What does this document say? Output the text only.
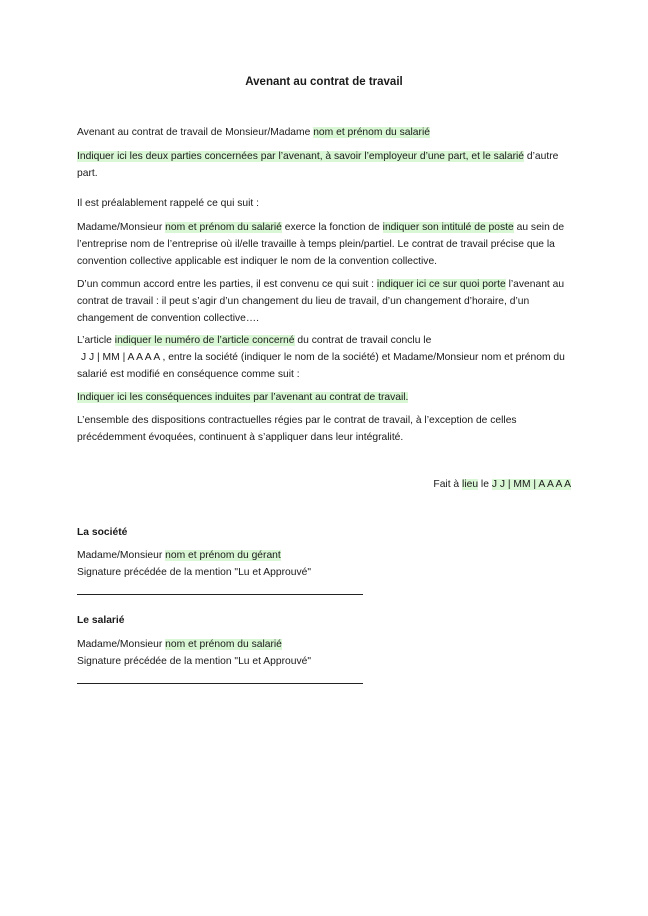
Avenant au contrat de travail
Avenant au contrat de travail de Monsieur/Madame nom et prénom du salarié
Indiquer ici les deux parties concernées par l’avenant, à savoir l’employeur d’une part, et le salarié d’autre part.
Il est préalablement rappelé ce qui suit :
Madame/Monsieur nom et prénom du salarié exerce la fonction de indiquer son intitulé de poste au sein de l’entreprise nom de l’entreprise où il/elle travaille à temps plein/partiel. Le contrat de travail précise que la convention collective applicable est indiquer le nom de la convention collective.
D’un commun accord entre les parties, il est convenu ce qui suit : indiquer ici ce sur quoi porte l’avenant au contrat de travail : il peut s’agir d’un changement du lieu de travail, d’un changement d’horaire, d’un changement de convention collective….
L’article indiquer le numéro de l’article concerné du contrat de travail conclu le
J J | MM | A A A A , entre la société (indiquer le nom de la société) et Madame/Monsieur nom et prénom du salarié est modifié en conséquence comme suit :
Indiquer ici les conséquences induites par l’avenant au contrat de travail.
L’ensemble des dispositions contractuelles régies par le contrat de travail, à l’exception de celles précédemment évoquées, continuent à s’appliquer dans leur intégralité.
Fait à lieu le J J | MM | A A A A
La société
Madame/Monsieur nom et prénom du gérant
Signature précédée de la mention "Lu et Approuvé"
Le salarié
Madame/Monsieur nom et prénom du salarié
Signature précédée de la mention "Lu et Approuvé"
